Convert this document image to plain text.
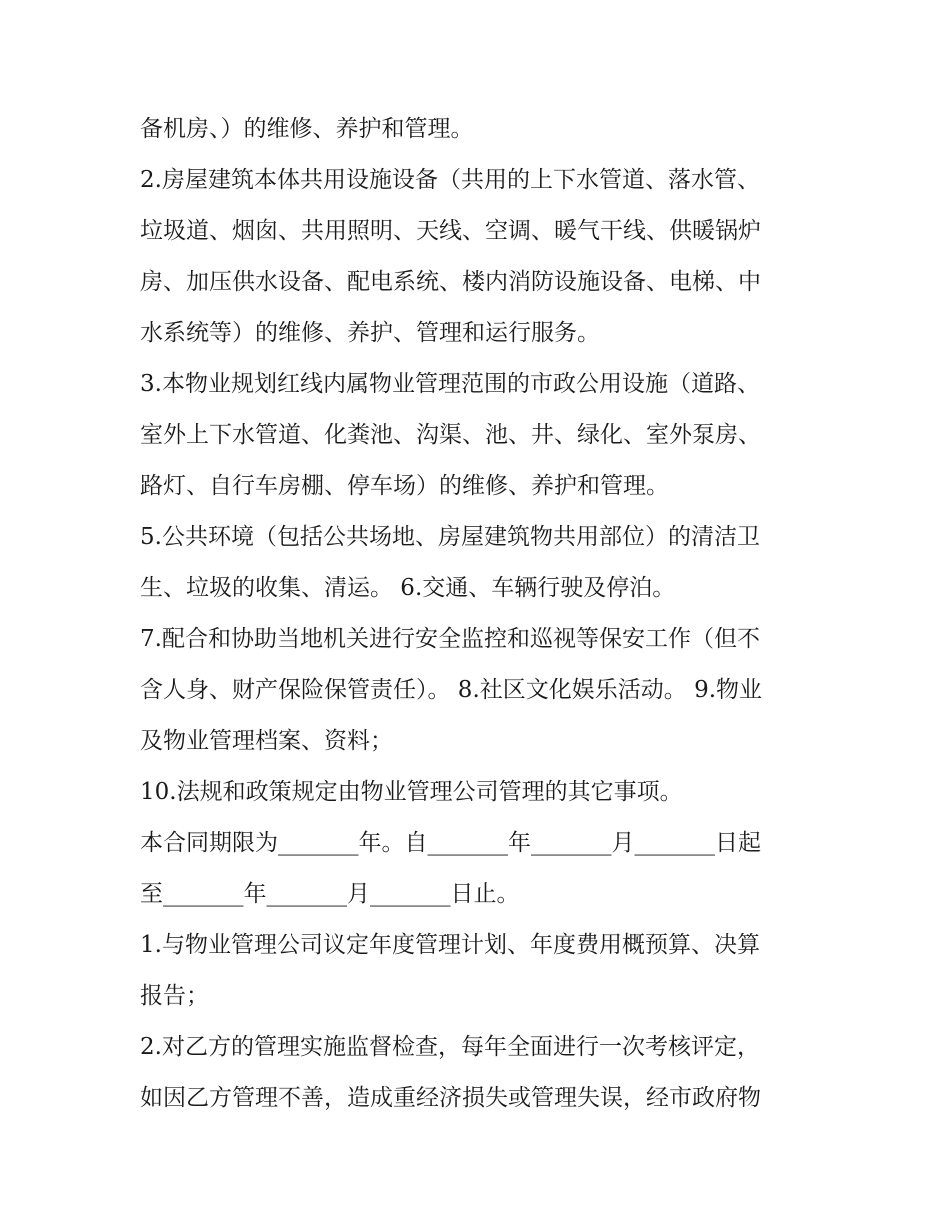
备机房、）的维修、养护和管理。
2.房屋建筑本体共用设施设备（共用的上下水管道、落水管、
垃圾道、烟囱、共用照明、天线、空调、暖气干线、供暖锅炉
房、加压供水设备、配电系统、楼内消防设施设备、电梯、中
水系统等）的维修、养护、管理和运行服务。
3.本物业规划红线内属物业管理范围的市政公用设施（道路、
室外上下水管道、化粪池、沟渠、池、井、绿化、室外泵房、
路灯、自行车房棚、停车场）的维修、养护和管理。
5.公共环境（包括公共场地、房屋建筑物共用部位）的清洁卫
生、垃圾的收集、清运。 6.交通、车辆行驶及停泊。
7.配合和协助当地机关进行安全监控和巡视等保安工作（但不
含人身、财产保险保管责任）。 8.社区文化娱乐活动。 9.物业
及物业管理档案、资料；
10.法规和政策规定由物业管理公司管理的其它事项。
本合同期限为_______年。自_______年_______月_______日起
至_______年_______月_______日止。
1.与物业管理公司议定年度管理计划、年度费用概预算、决算
报告；
2.对乙方的管理实施监督检查，每年全面进行一次考核评定，
如因乙方管理不善，造成重经济损失或管理失误，经市政府物
